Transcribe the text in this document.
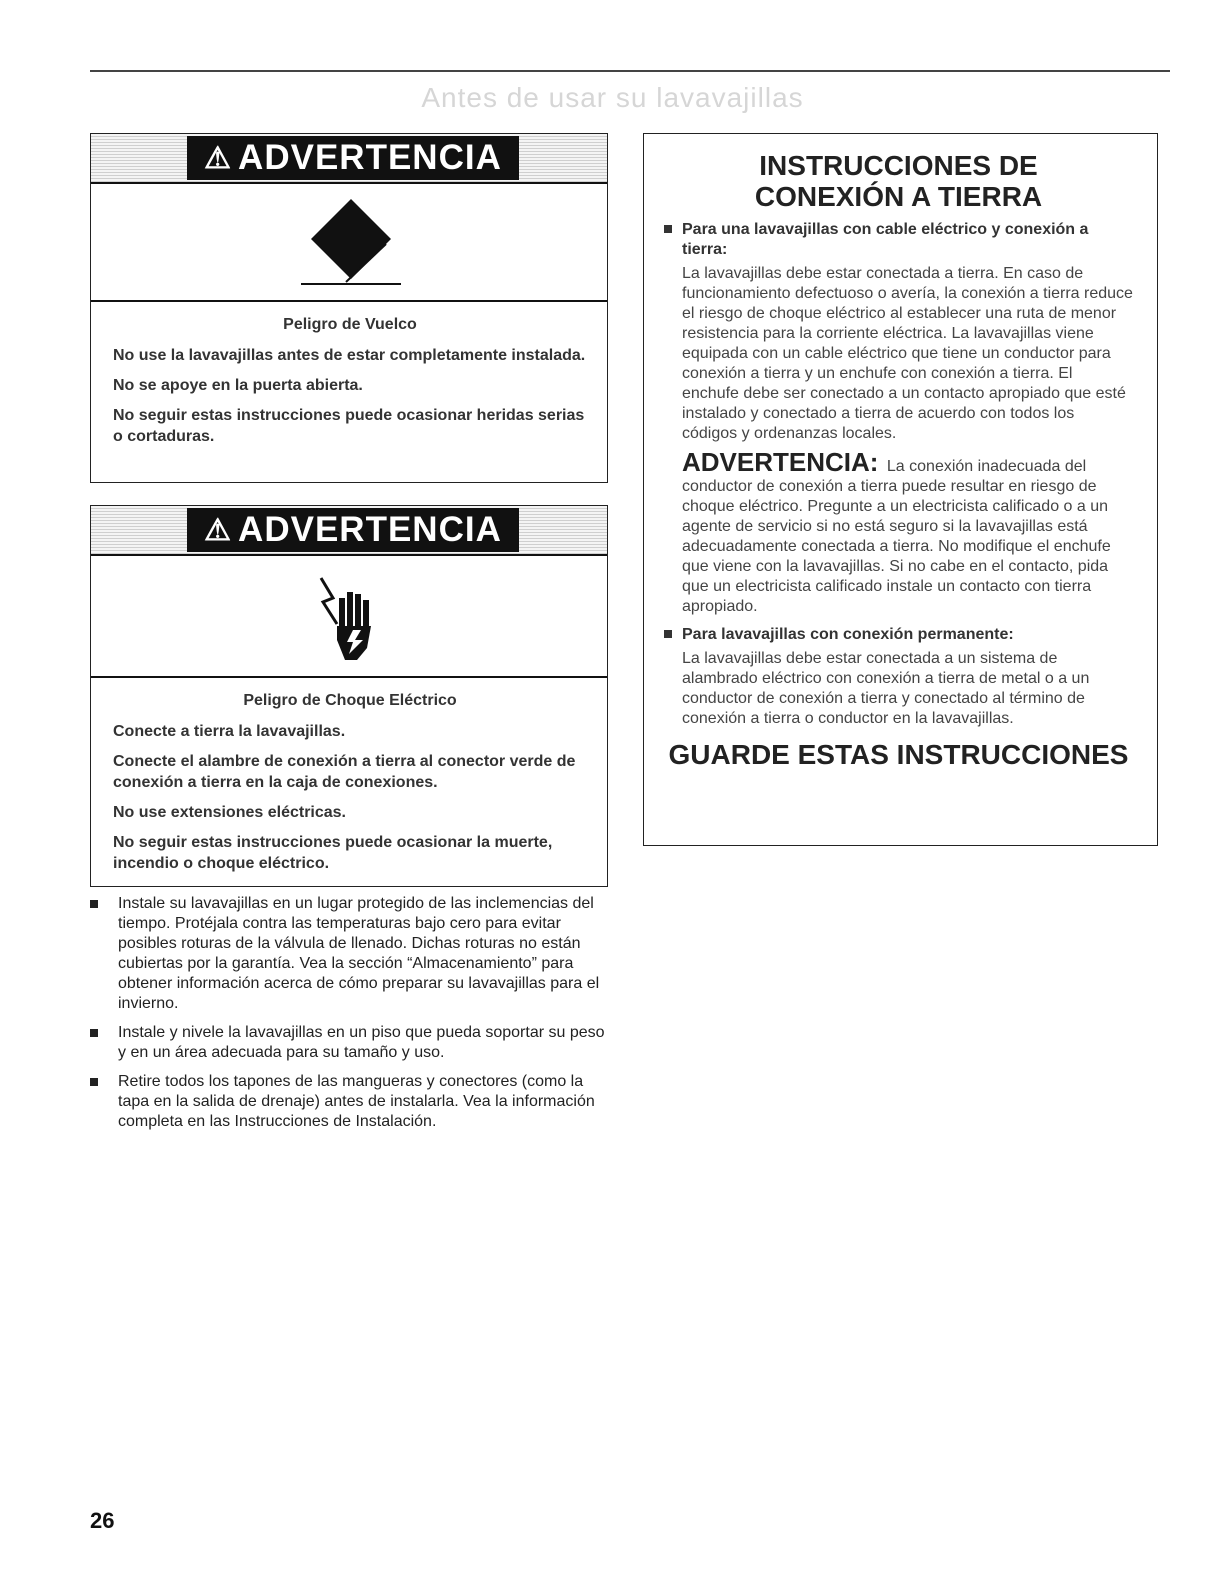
Antes de usar su lavavajillas
⚠ ADVERTENCIA
Peligro de Vuelco

No use la lavavajillas antes de estar completamente instalada.

No se apoye en la puerta abierta.

No seguir estas instrucciones puede ocasionar heridas serias o cortaduras.

⚠ ADVERTENCIA
Peligro de Choque Eléctrico

Conecte a tierra la lavavajillas.

Conecte el alambre de conexión a tierra al conector verde de conexión a tierra en la caja de conexiones.

No use extensiones eléctricas.

No seguir estas instrucciones puede ocasionar la muerte, incendio o choque eléctrico.

INSTRUCCIONES DE
CONEXIÓN A TIERRA
Para una lavavajillas con cable eléctrico y conexión a tierra:
La lavavajillas debe estar conectada a tierra. En caso de funcionamiento defectuoso o avería, la conexión a tierra reduce el riesgo de choque eléctrico al establecer una ruta de menor resistencia para la corriente eléctrica. La lavavajillas viene equipada con un cable eléctrico que tiene un conductor para conexión a tierra y un enchufe con conexión a tierra. El enchufe debe ser conectado a un contacto apropiado que esté instalado y conectado a tierra de acuerdo con todos los códigos y ordenanzas locales.
ADVERTENCIA: La conexión inadecuada del conductor de conexión a tierra puede resultar en riesgo de choque eléctrico. Pregunte a un electricista calificado o a un agente de servicio si no está seguro si la lavavajillas está adecuadamente conectada a tierra. No modifique el enchufe que viene con la lavavajillas. Si no cabe en el contacto, pida que un electricista calificado instale un contacto con tierra apropiado.
Para lavavajillas con conexión permanente:
La lavavajillas debe estar conectada a un sistema de alambrado eléctrico con conexión a tierra de metal o a un conductor de conexión a tierra y conectado al término de conexión a tierra o conductor en la lavavajillas.
GUARDE ESTAS INSTRUCCIONES
Instale su lavavajillas en un lugar protegido de las inclemencias del tiempo. Protéjala contra las temperaturas bajo cero para evitar posibles roturas de la válvula de llenado. Dichas roturas no están cubiertas por la garantía. Vea la sección “Almacenamiento” para obtener información acerca de cómo preparar su lavavajillas para el invierno.
Instale y nivele la lavavajillas en un piso que pueda soportar su peso y en un área adecuada para su tamaño y uso.
Retire todos los tapones de las mangueras y conectores (como la tapa en la salida de drenaje) antes de instalarla. Vea la información completa en las Instrucciones de Instalación.
26
